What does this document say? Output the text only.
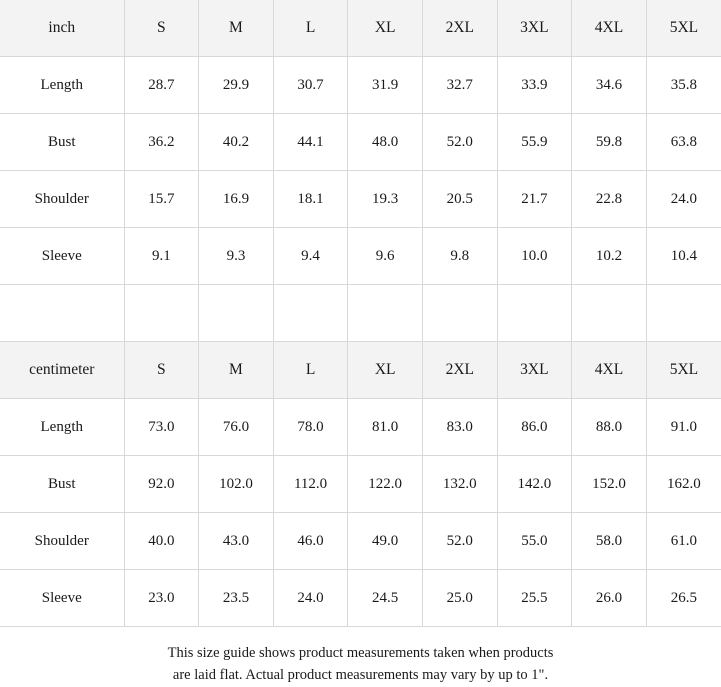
inch	S	M	L	XL	2XL	3XL	4XL	5XL
Length	28.7	29.9	30.7	31.9	32.7	33.9	34.6	35.8
Bust	36.2	40.2	44.1	48.0	52.0	55.9	59.8	63.8
Shoulder	15.7	16.9	18.1	19.3	20.5	21.7	22.8	24.0
Sleeve	9.1	9.3	9.4	9.6	9.8	10.0	10.2	10.4

centimeter	S	M	L	XL	2XL	3XL	4XL	5XL
Length	73.0	76.0	78.0	81.0	83.0	86.0	88.0	91.0
Bust	92.0	102.0	112.0	122.0	132.0	142.0	152.0	162.0
Shoulder	40.0	43.0	46.0	49.0	52.0	55.0	58.0	61.0
Sleeve	23.0	23.5	24.0	24.5	25.0	25.5	26.0	26.5
This size guide shows product measurements taken when products
are laid flat. Actual product measurements may vary by up to 1".
